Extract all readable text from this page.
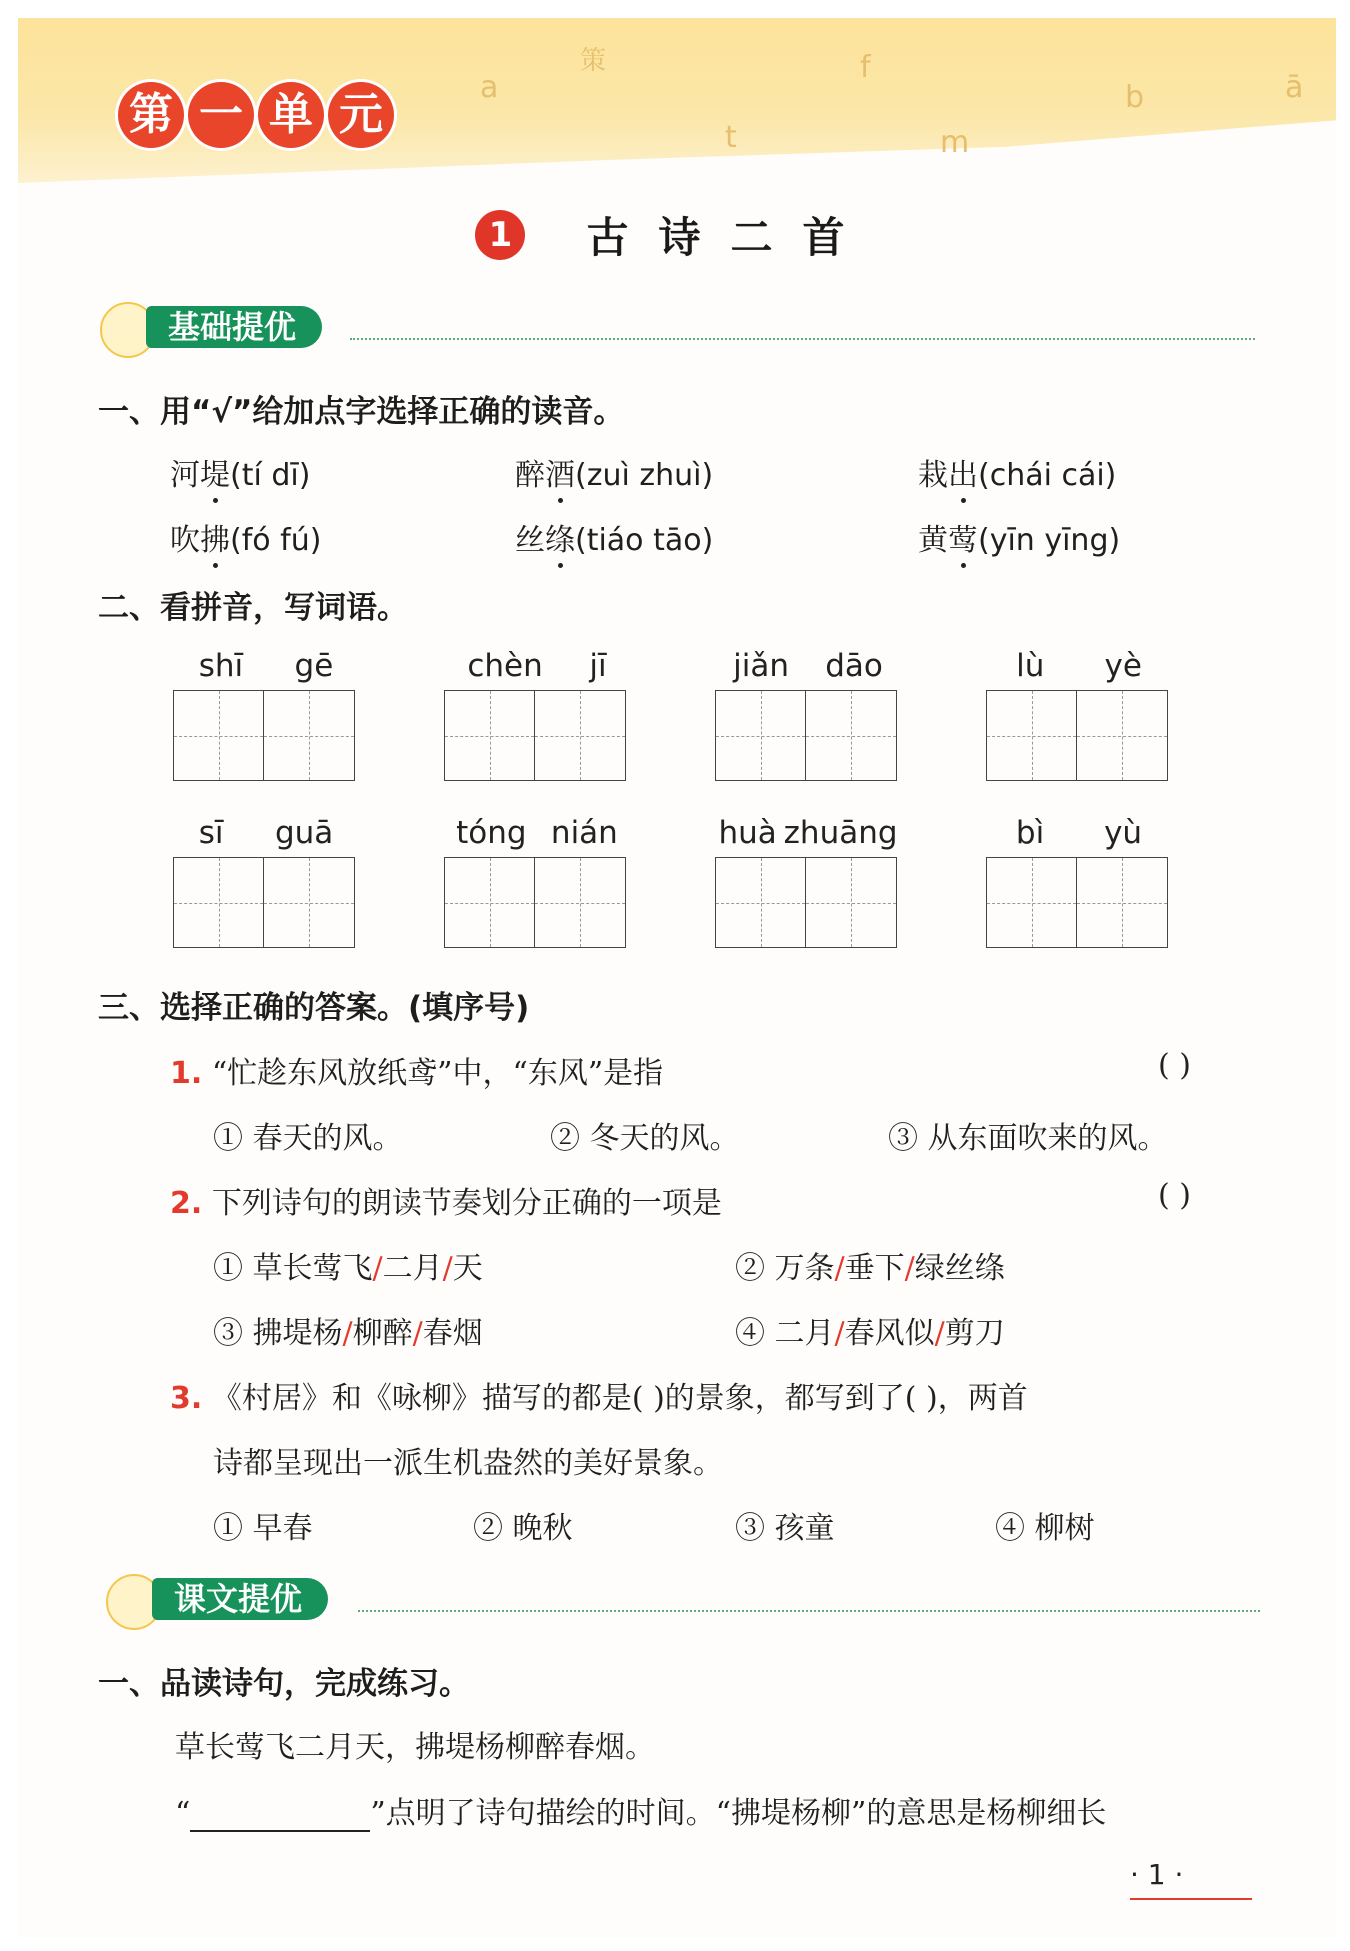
a
策	f
b	ā
m
t
第 一 单 元
1 古诗二首
基础提优
一、用“√”给加点字选择正确的读音。
河堤(tí dī)	醉酒(zuì zhuì)	栽出(chái cái)
吹拂(fó fú)	丝绦(tiáo tāo)	黄莺(yīn yīng)
二、看拼音，写词语。
shī gē	chèn jī	jiǎn dāo	lù yè
sī guā	tóng nián	huà zhuāng	bì yù
三、选择正确的答案。(填序号)
1. “忙趁东风放纸鸢”中，“东风”是指	( )
① 春天的风。	② 冬天的风。	③ 从东面吹来的风。
2. 下列诗句的朗读节奏划分正确的一项是	( )
① 草长莺飞/二月/天	② 万条/垂下/绿丝绦
③ 拂堤杨/柳醉/春烟	④ 二月/春风似/剪刀
3. 《村居》和《咏柳》描写的都是( )的景象，都写到了( )，两首
诗都呈现出一派生机盎然的美好景象。
① 早春	② 晚秋	③ 孩童	④ 柳树
课文提优
一、品读诗句，完成练习。
草长莺飞二月天，拂堤杨柳醉春烟。
“	”点明了诗句描绘的时间。“拂堤杨柳”的意思是杨柳细长
· 1 ·
